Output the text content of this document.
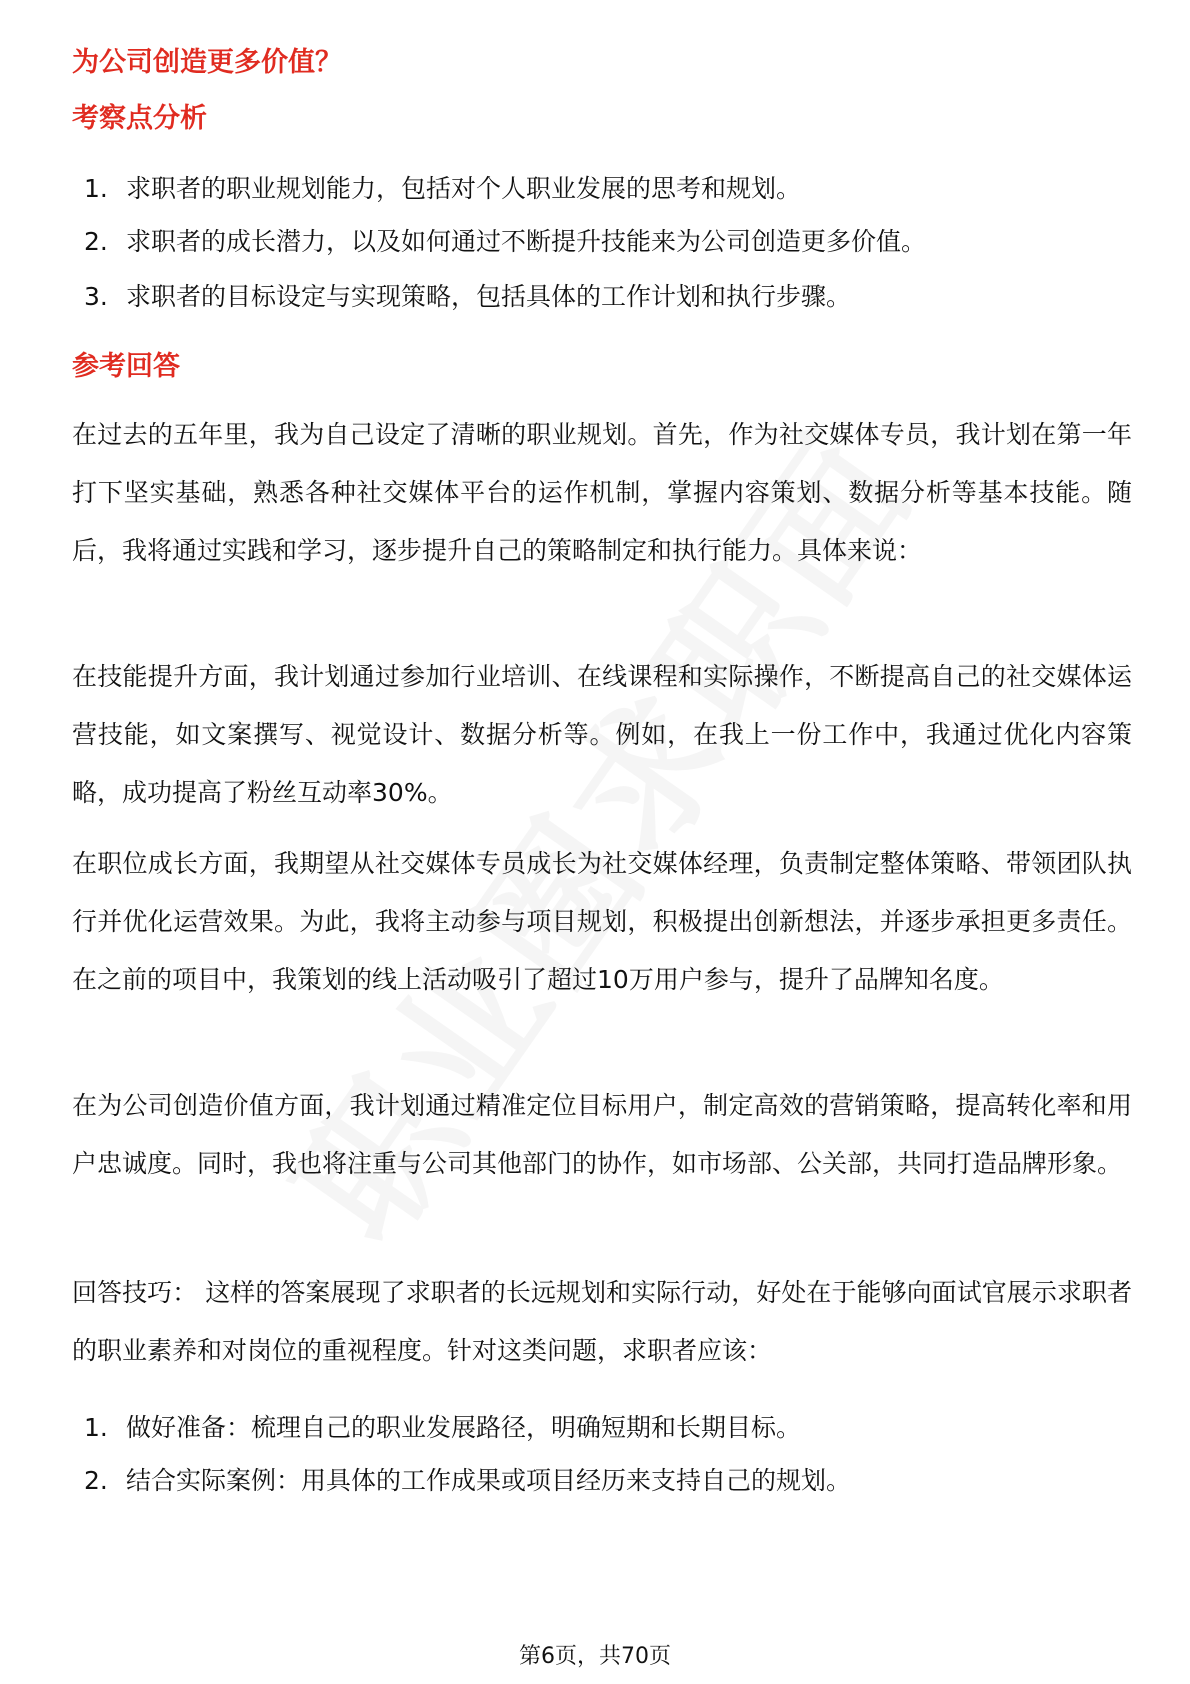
为公司创造更多价值？
考察点分析
1. 求职者的职业规划能力，包括对个人职业发展的思考和规划。
2. 求职者的成长潜力，以及如何通过不断提升技能来为公司创造更多价值。
3. 求职者的目标设定与实现策略，包括具体的工作计划和执行步骤。
参考回答

在过去的五年里，我为自己设定了清晰的职业规划。首先，作为社交媒体专员，我计划在第一年打下坚实基础，熟悉各种社交媒体平台的运作机制，掌握内容策划、数据分析等基本技能。随后，我将通过实践和学习，逐步提升自己的策略制定和执行能力。具体来说：

在技能提升方面，我计划通过参加行业培训、在线课程和实际操作，不断提高自己的社交媒体运营技能，如文案撰写、视觉设计、数据分析等。例如，在我上一份工作中，我通过优化内容策略，成功提高了粉丝互动率30%。

在职位成长方面，我期望从社交媒体专员成长为社交媒体经理，负责制定整体策略、带领团队执行并优化运营效果。为此，我将主动参与项目规划，积极提出创新想法，并逐步承担更多责任。在之前的项目中，我策划的线上活动吸引了超过10万用户参与，提升了品牌知名度。

在为公司创造价值方面，我计划通过精准定位目标用户，制定高效的营销策略，提高转化率和用户忠诚度。同时，我也将注重与公司其他部门的协作，如市场部、公关部，共同打造品牌形象。

回答技巧： 这样的答案展现了求职者的长远规划和实际行动，好处在于能够向面试官展示求职者的职业素养和对岗位的重视程度。针对这类问题，求职者应该：

1. 做好准备：梳理自己的职业发展路径，明确短期和长期目标。
2. 结合实际案例：用具体的工作成果或项目经历来支持自己的规划。
第6页，共70页
